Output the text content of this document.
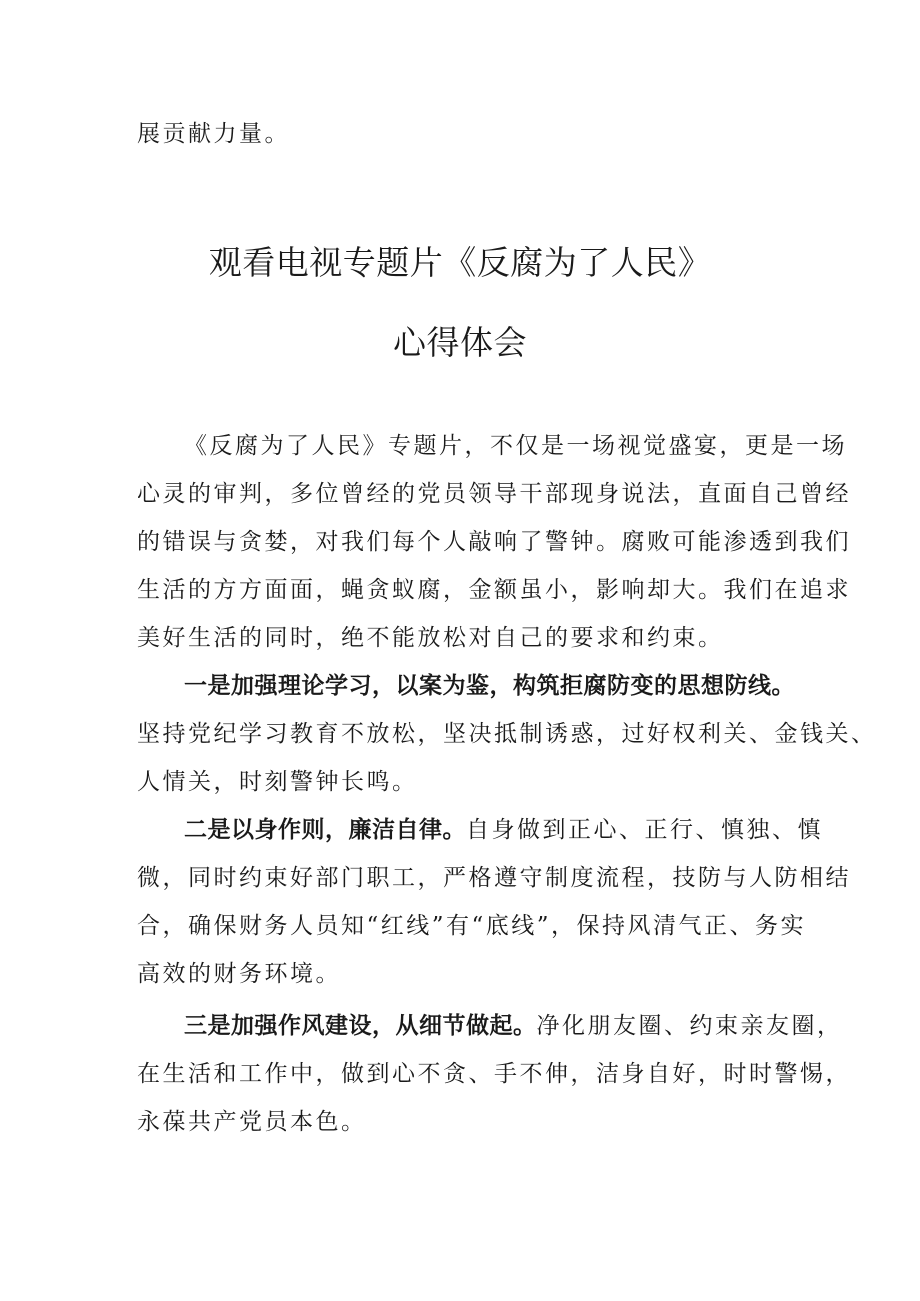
展贡献力量。
观看电视专题片《反腐为了人民》
心得体会
《反腐为了人民》专题片，不仅是一场视觉盛宴，更是一场
心灵的审判，多位曾经的党员领导干部现身说法，直面自己曾经
的错误与贪婪，对我们每个人敲响了警钟。腐败可能渗透到我们
生活的方方面面，蝇贪蚁腐，金额虽小，影响却大。我们在追求
美好生活的同时，绝不能放松对自己的要求和约束。
一是加强理论学习，以案为鉴，构筑拒腐防变的思想防线。
坚持党纪学习教育不放松，坚决抵制诱惑，过好权利关、金钱关、
人情关，时刻警钟长鸣。
二是以身作则，廉洁自律。自身做到正心、正行、慎独、慎
微，同时约束好部门职工，严格遵守制度流程，技防与人防相结
合，确保财务人员知“红线”有“底线”，保持风清气正、务实
高效的财务环境。
三是加强作风建设，从细节做起。净化朋友圈、约束亲友圈，
在生活和工作中，做到心不贪、手不伸，洁身自好，时时警惕，
永葆共产党员本色。
